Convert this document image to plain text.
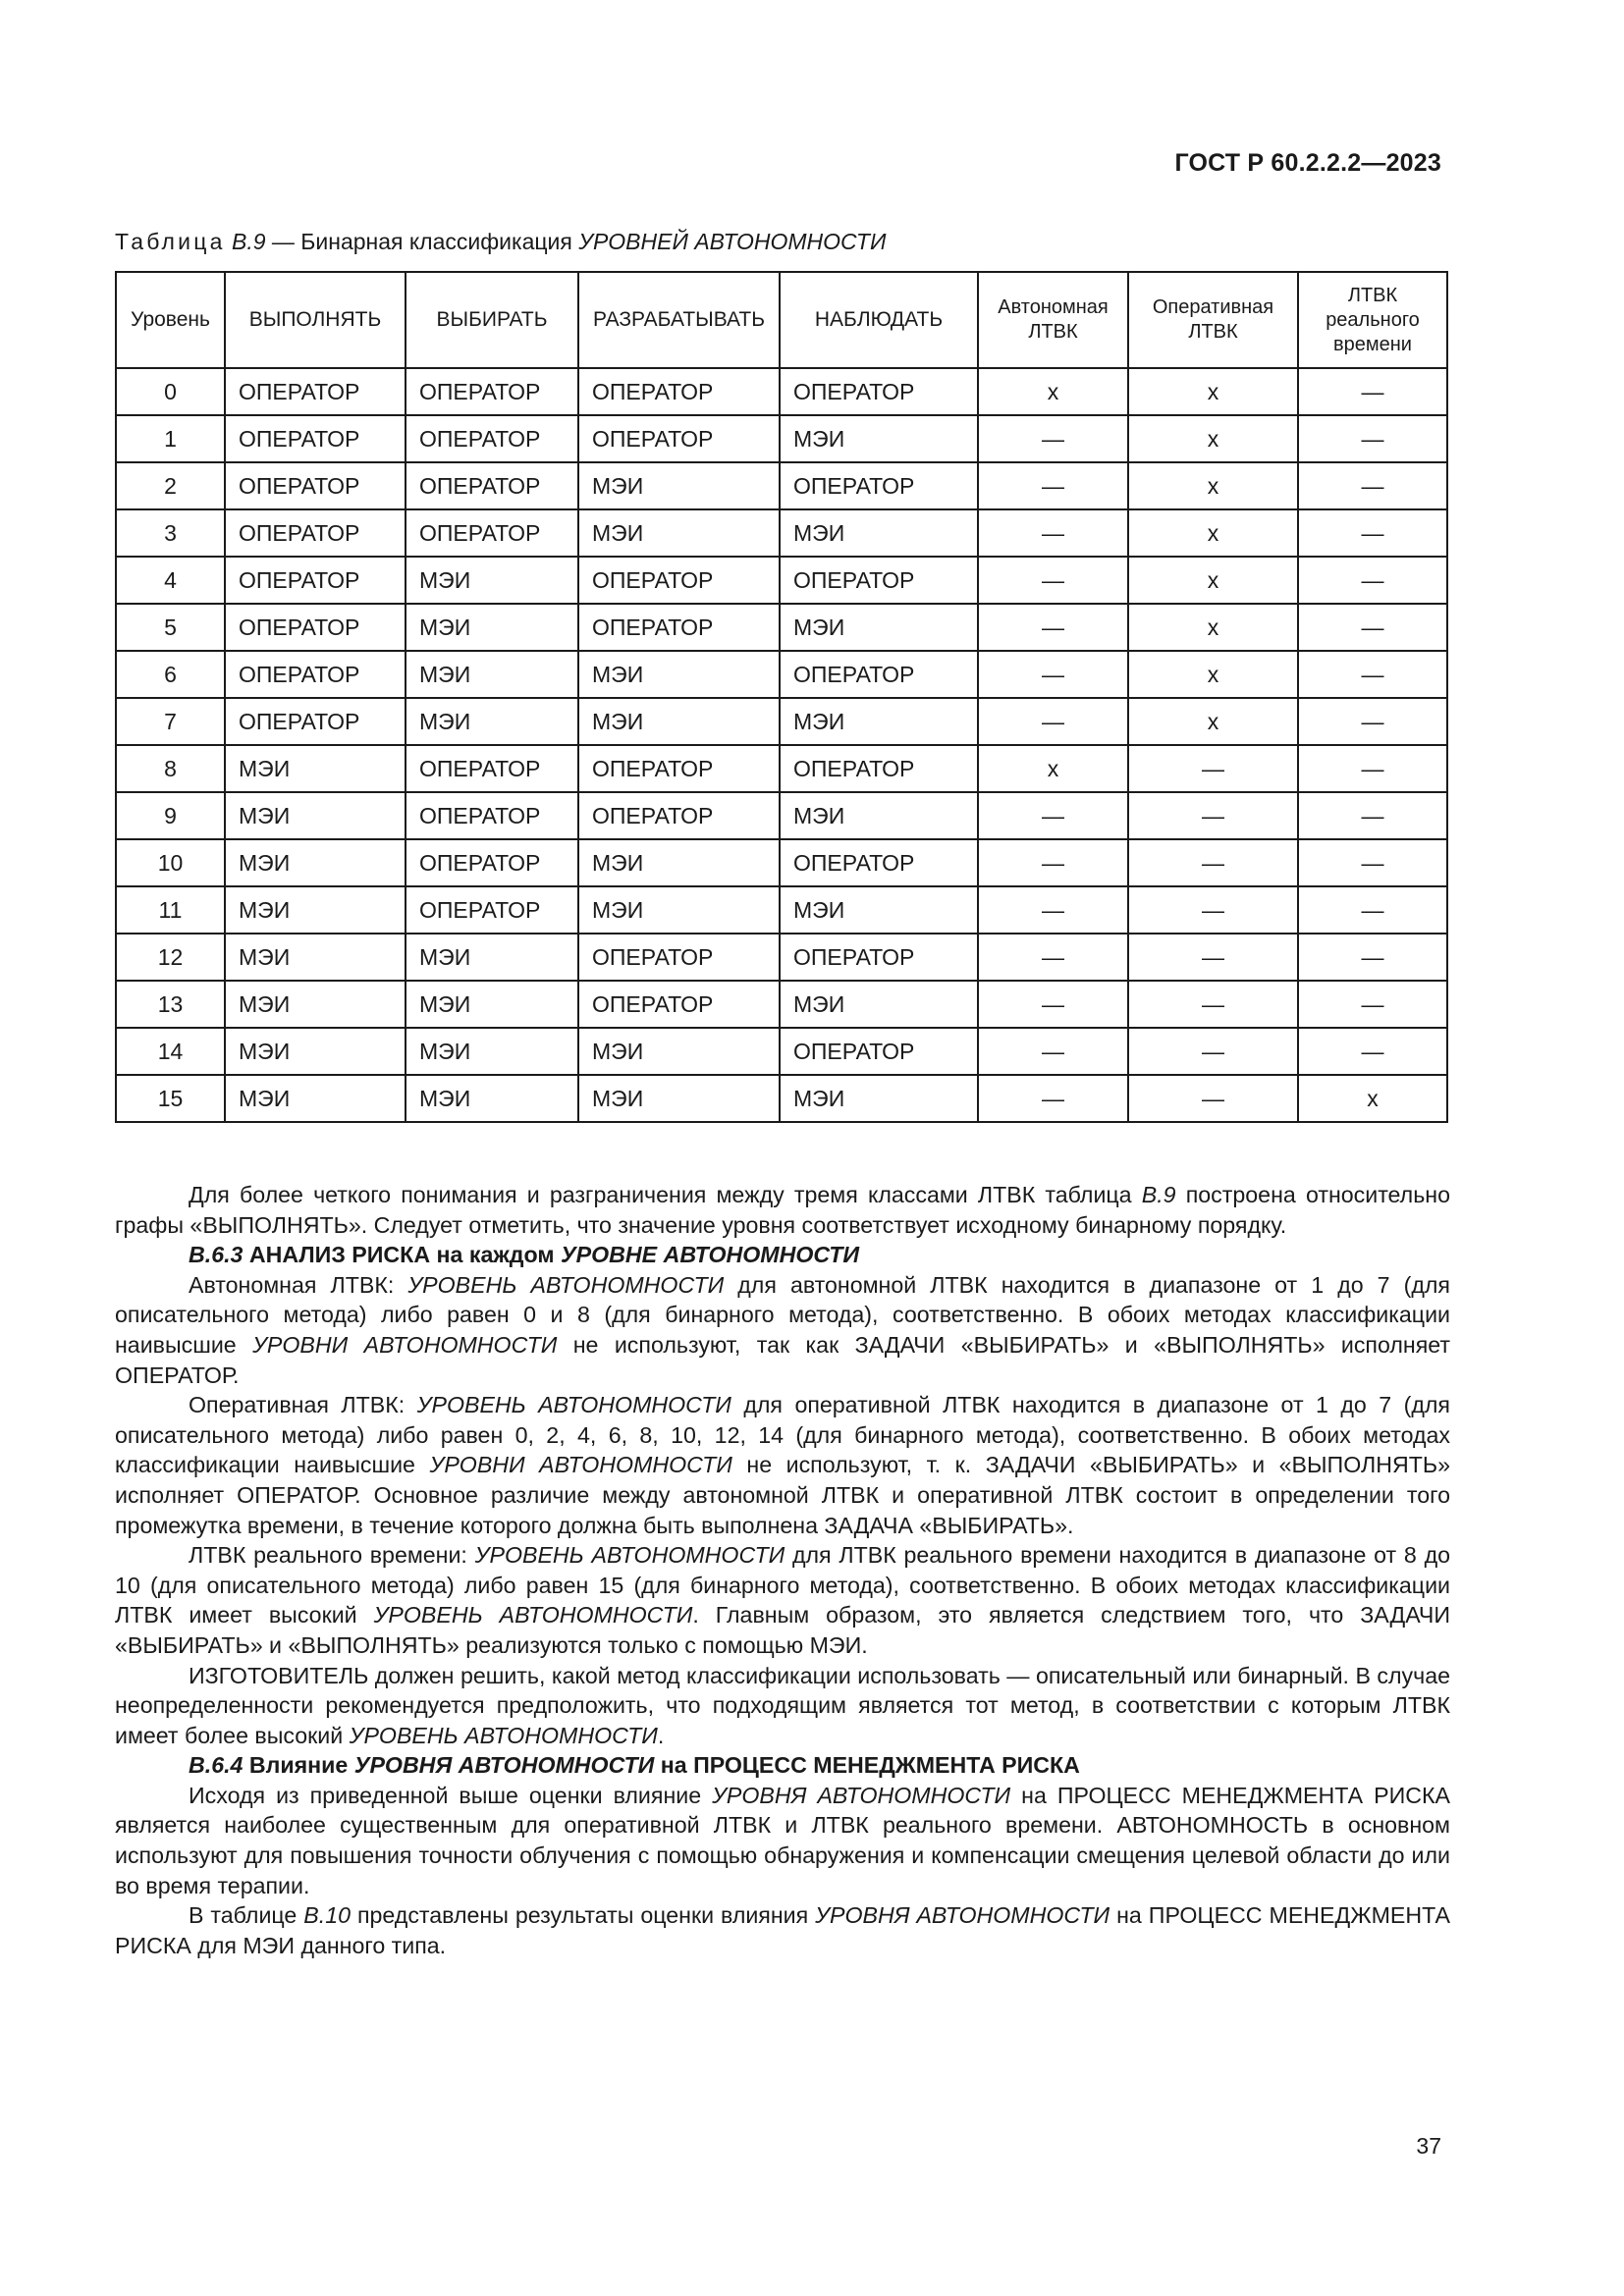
ГОСТ Р 60.2.2.2—2023
Таблица B.9 — Бинарная классификация УРОВНЕЙ АВТОНОМНОСТИ
Уровень	ВЫПОЛНЯТЬ	ВЫБИРАТЬ	РАЗРАБАТЫВАТЬ	НАБЛЮДАТЬ	Автономная ЛТВК	Оперативная ЛТВК	ЛТВК реального времени
0	ОПЕРАТОР	ОПЕРАТОР	ОПЕРАТОР	ОПЕРАТОР	x	x	—
1	ОПЕРАТОР	ОПЕРАТОР	ОПЕРАТОР	МЭИ	—	x	—
2	ОПЕРАТОР	ОПЕРАТОР	МЭИ	ОПЕРАТОР	—	x	—
3	ОПЕРАТОР	ОПЕРАТОР	МЭИ	МЭИ	—	x	—
4	ОПЕРАТОР	МЭИ	ОПЕРАТОР	ОПЕРАТОР	—	x	—
5	ОПЕРАТОР	МЭИ	ОПЕРАТОР	МЭИ	—	x	—
6	ОПЕРАТОР	МЭИ	МЭИ	ОПЕРАТОР	—	x	—
7	ОПЕРАТОР	МЭИ	МЭИ	МЭИ	—	x	—
8	МЭИ	ОПЕРАТОР	ОПЕРАТОР	ОПЕРАТОР	x	—	—
9	МЭИ	ОПЕРАТОР	ОПЕРАТОР	МЭИ	—	—	—
10	МЭИ	ОПЕРАТОР	МЭИ	ОПЕРАТОР	—	—	—
11	МЭИ	ОПЕРАТОР	МЭИ	МЭИ	—	—	—
12	МЭИ	МЭИ	ОПЕРАТОР	ОПЕРАТОР	—	—	—
13	МЭИ	МЭИ	ОПЕРАТОР	МЭИ	—	—	—
14	МЭИ	МЭИ	МЭИ	ОПЕРАТОР	—	—	—
15	МЭИ	МЭИ	МЭИ	МЭИ	—	—	x

Для более четкого понимания и разграничения между тремя классами ЛТВК таблица B.9 построена относительно графы «ВЫПОЛНЯТЬ». Следует отметить, что значение уровня соответствует исходному бинарному порядку.

B.6.3 АНАЛИЗ РИСКА на каждом УРОВНЕ АВТОНОМНОСТИ

Автономная ЛТВК: УРОВЕНЬ АВТОНОМНОСТИ для автономной ЛТВК находится в диапазоне от 1 до 7 (для описательного метода) либо равен 0 и 8 (для бинарного метода), соответственно. В обоих методах классификации наивысшие УРОВНИ АВТОНОМНОСТИ не используют, так как ЗАДАЧИ «ВЫБИРАТЬ» и «ВЫПОЛНЯТЬ» исполняет ОПЕРАТОР.

Оперативная ЛТВК: УРОВЕНЬ АВТОНОМНОСТИ для оперативной ЛТВК находится в диапазоне от 1 до 7 (для описательного метода) либо равен 0, 2, 4, 6, 8, 10, 12, 14 (для бинарного метода), соответственно. В обоих методах классификации наивысшие УРОВНИ АВТОНОМНОСТИ не используют, т. к. ЗАДАЧИ «ВЫБИРАТЬ» и «ВЫПОЛНЯТЬ» исполняет ОПЕРАТОР. Основное различие между автономной ЛТВК и оперативной ЛТВК состоит в определении того промежутка времени, в течение которого должна быть выполнена ЗАДАЧА «ВЫБИРАТЬ».

ЛТВК реального времени: УРОВЕНЬ АВТОНОМНОСТИ для ЛТВК реального времени находится в диапазоне от 8 до 10 (для описательного метода) либо равен 15 (для бинарного метода), соответственно. В обоих методах классификации ЛТВК имеет высокий УРОВЕНЬ АВТОНОМНОСТИ. Главным образом, это является следствием того, что ЗАДАЧИ «ВЫБИРАТЬ» и «ВЫПОЛНЯТЬ» реализуются только с помощью МЭИ.

ИЗГОТОВИТЕЛЬ должен решить, какой метод классификации использовать — описательный или бинарный. В случае неопределенности рекомендуется предположить, что подходящим является тот метод, в соответствии с которым ЛТВК имеет более высокий УРОВЕНЬ АВТОНОМНОСТИ.

B.6.4 Влияние УРОВНЯ АВТОНОМНОСТИ на ПРОЦЕСС МЕНЕДЖМЕНТА РИСКА

Исходя из приведенной выше оценки влияние УРОВНЯ АВТОНОМНОСТИ на ПРОЦЕСС МЕНЕДЖМЕНТА РИСКА является наиболее существенным для оперативной ЛТВК и ЛТВК реального времени. АВТОНОМНОСТЬ в основном используют для повышения точности облучения с помощью обнаружения и компенсации смещения целевой области до или во время терапии.

В таблице B.10 представлены результаты оценки влияния УРОВНЯ АВТОНОМНОСТИ на ПРОЦЕСС МЕНЕДЖМЕНТА РИСКА для МЭИ данного типа.

37
